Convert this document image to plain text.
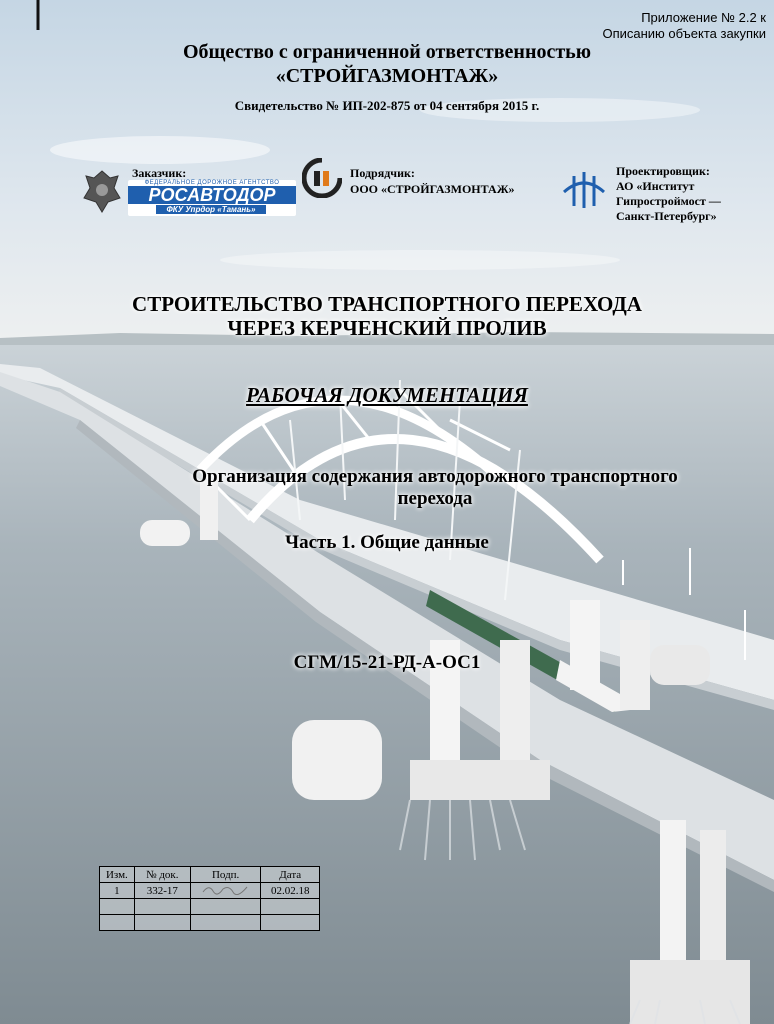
Приложение № 2.2 к
Описанию объекта закупки
Общество с ограниченной ответственностью
«СТРОЙГАЗМОНТАЖ»
Свидетельство № ИП-202-875 от 04 сентября 2015 г.
Заказчик:
ФЕДЕРАЛЬНОЕ ДОРОЖНОЕ АГЕНТСТВО
РОСАВТОДОР
ФКУ Упрдор «Тамань»
Подрядчик:
ООО «СТРОЙГАЗМОНТАЖ»
Проектировщик:
АО «Институт
Гипростроймост —
Санкт-Петербург»
СТРОИТЕЛЬСТВО ТРАНСПОРТНОГО ПЕРЕХОДА
ЧЕРЕЗ КЕРЧЕНСКИЙ ПРОЛИВ
РАБОЧАЯ ДОКУМЕНТАЦИЯ
Организация содержания автодорожного транспортного
перехода
Часть 1. Общие данные
СГМ/15-21-РД-А-ОС1
Изм.	№ док.	Подп.	Дата
1	332-17		02.02.18
